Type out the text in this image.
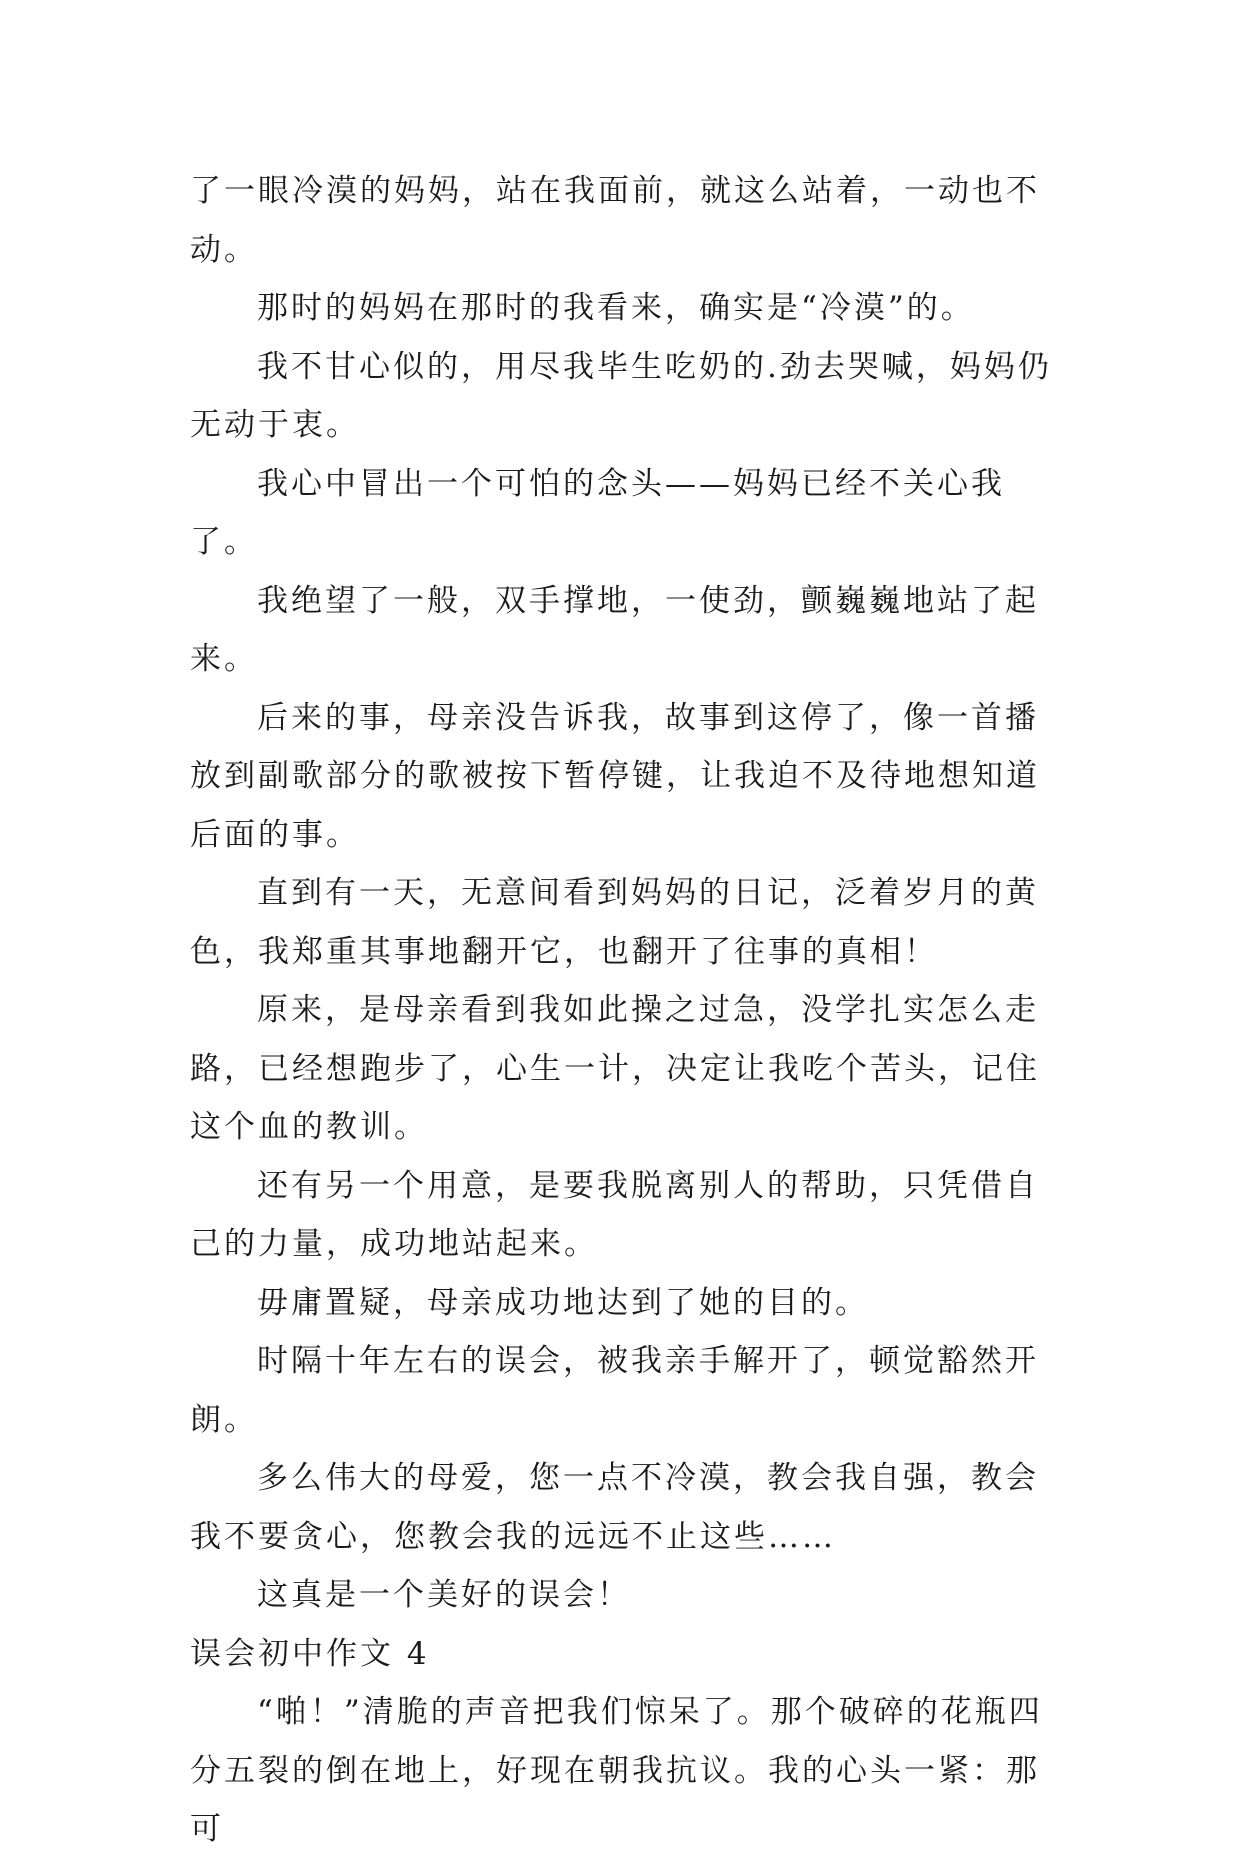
了一眼冷漠的妈妈，站在我面前，就这么站着，一动也不动。

那时的妈妈在那时的我看来，确实是“冷漠”的。

我不甘心似的，用尽我毕生吃奶的.劲去哭喊，妈妈仍无动于衷。

我心中冒出一个可怕的念头——妈妈已经不关心我了。

我绝望了一般，双手撑地，一使劲，颤巍巍地站了起来。

后来的事，母亲没告诉我，故事到这停了，像一首播放到副歌部分的歌被按下暂停键，让我迫不及待地想知道后面的事。

直到有一天，无意间看到妈妈的日记，泛着岁月的黄色，我郑重其事地翻开它，也翻开了往事的真相！

原来，是母亲看到我如此操之过急，没学扎实怎么走路，已经想跑步了，心生一计，决定让我吃个苦头，记住这个血的教训。

还有另一个用意，是要我脱离别人的帮助，只凭借自己的力量，成功地站起来。

毋庸置疑，母亲成功地达到了她的目的。

时隔十年左右的误会，被我亲手解开了，顿觉豁然开朗。

多么伟大的母爱，您一点不冷漠，教会我自强，教会我不要贪心，您教会我的远远不止这些……

这真是一个美好的误会！

误会初中作文 4

“啪！”清脆的声音把我们惊呆了。那个破碎的花瓶四分五裂的倒在地上，好现在朝我抗议。我的心头一紧：那可
